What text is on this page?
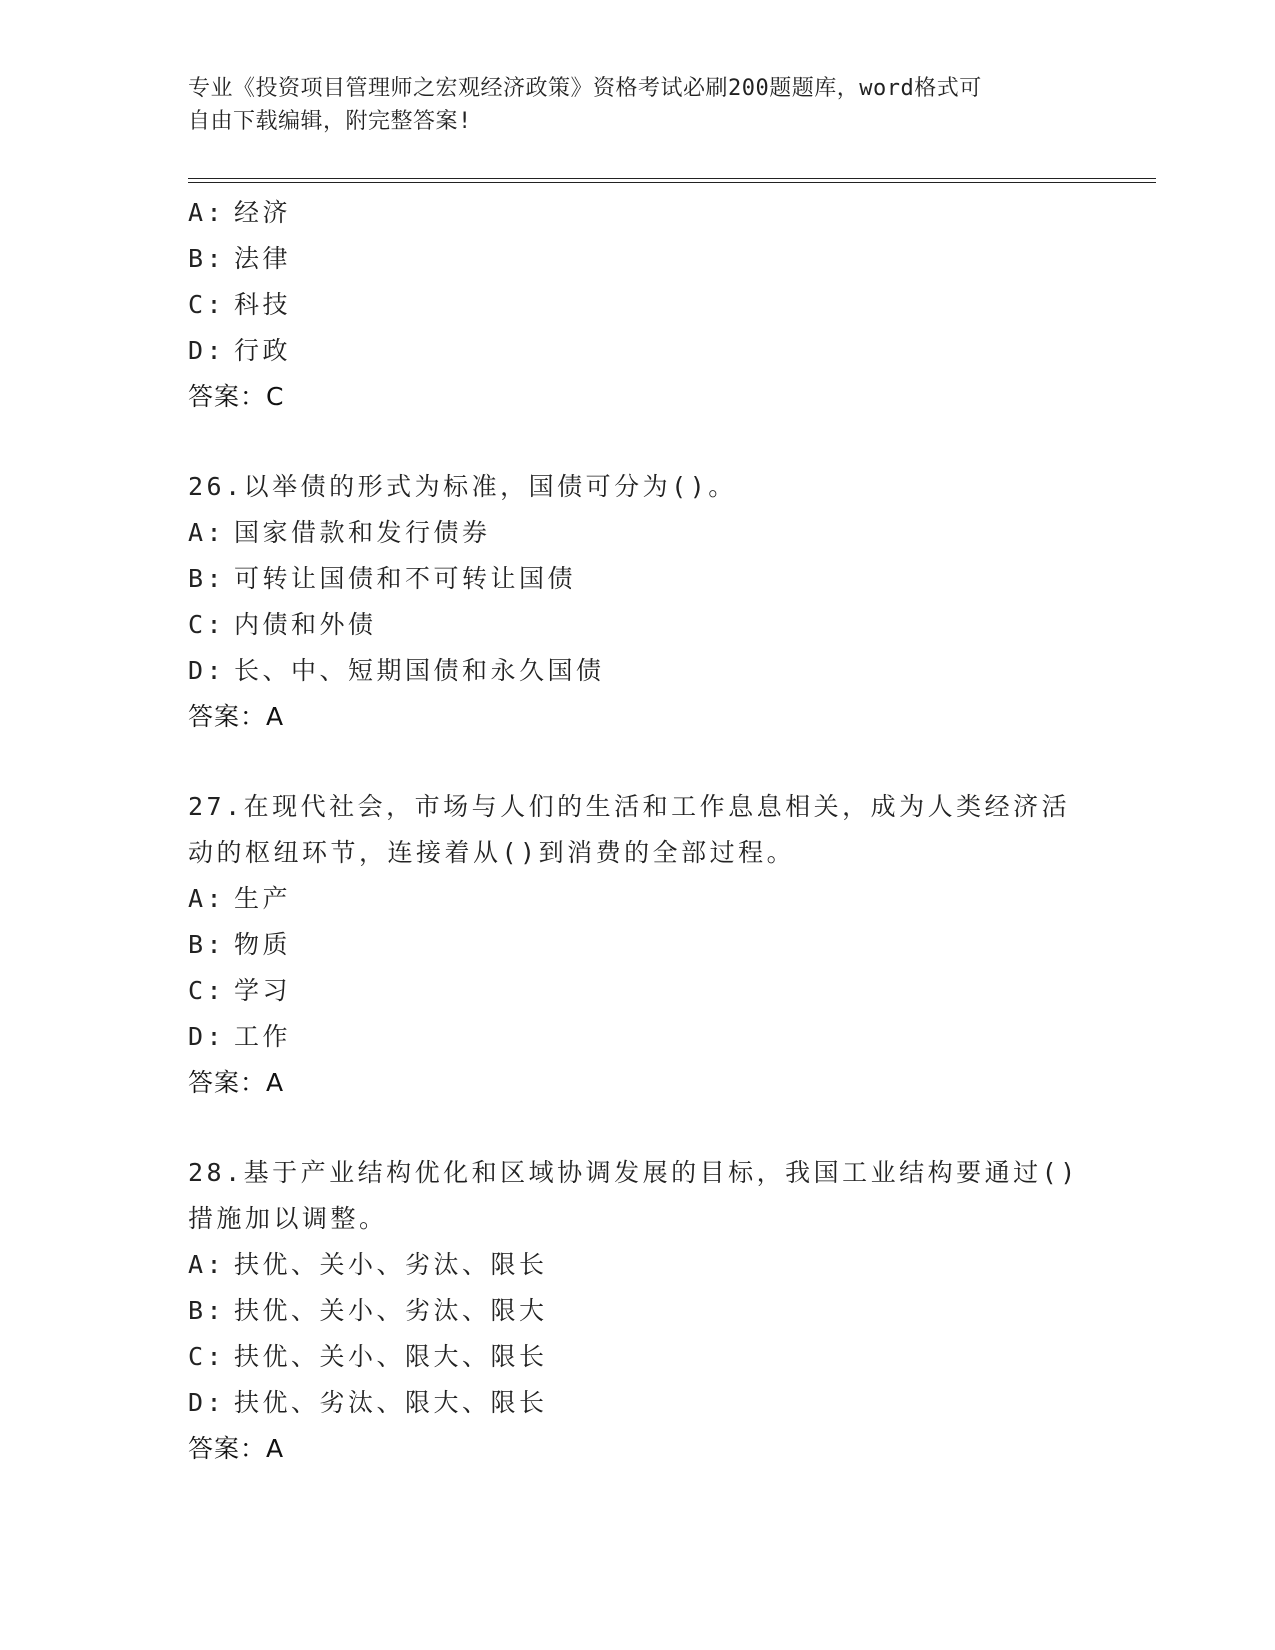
专业《投资项目管理师之宏观经济政策》资格考试必刷200题题库，word格式可
自由下载编辑，附完整答案!
A: 经济
B: 法律
C: 科技
D: 行政
答案：C
26.以举债的形式为标准，国债可分为()。
A: 国家借款和发行债券
B: 可转让国债和不可转让国债
C: 内债和外债
D: 长、中、短期国债和永久国债
答案：A
27.在现代社会，市场与人们的生活和工作息息相关，成为人类经济活
动的枢纽环节，连接着从()到消费的全部过程。
A: 生产
B: 物质
C: 学习
D: 工作
答案：A
28.基于产业结构优化和区域协调发展的目标，我国工业结构要通过()
措施加以调整。
A: 扶优、关小、劣汰、限长
B: 扶优、关小、劣汰、限大
C: 扶优、关小、限大、限长
D: 扶优、劣汰、限大、限长
答案：A
